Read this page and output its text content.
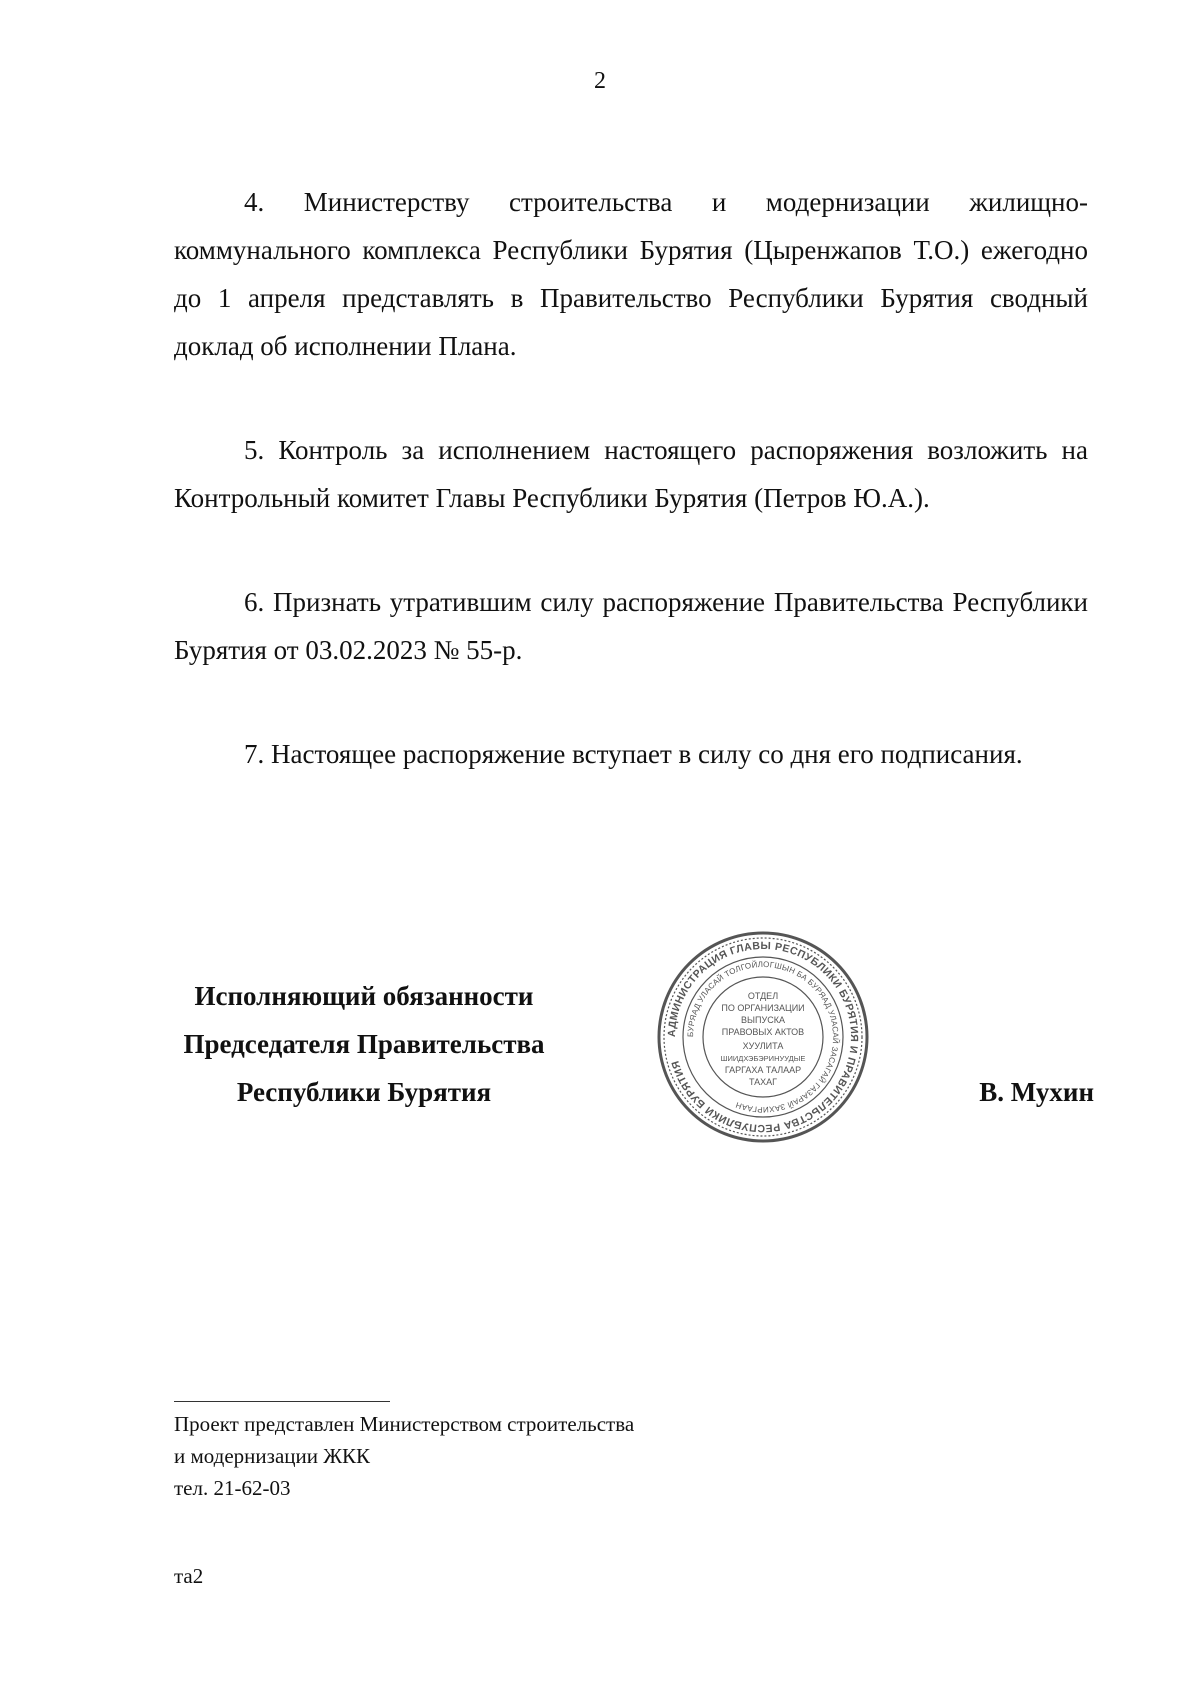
2

4. Министерству строительства и модернизации жилищно-коммунального комплекса Республики Бурятия (Цыренжапов Т.О.) ежегодно до 1 апреля представлять в Правительство Республики Бурятия сводный доклад об исполнении Плана.

5. Контроль за исполнением настоящего распоряжения возложить на Контрольный комитет Главы Республики Бурятия (Петров Ю.А.).

6. Признать утратившим силу распоряжение Правительства Республики Бурятия от 03.02.2023 № 55-р.

7. Настоящее распоряжение вступает в силу со дня его подписания.

Исполняющий обязанности
Председателя Правительства
Республики Бурятия
АДМИНИСТРАЦИЯ ГЛАВЫ РЕСПУБЛИКИ БУРЯТИЯ И ПРАВИТЕЛЬСТВА РЕСПУБЛИКИ БУРЯТИЯ
БУРЯАД УЛАСАЙ ТОЛГОЙЛОГШЫН БА БУРЯАД УЛАСАЙ ЗАСАГАЙ ГАЗАРАЙ ЗАХИРГААН
ОТДЕЛ
ПО ОРГАНИЗАЦИИ
ВЫПУСКА
ПРАВОВЫХ АКТОВ
ХУУЛИТА
ШИИДХЭБЭРИНУУДЫЕ
ГАРГАХА ТАЛААР
ТАХАГ	В. Мухин
Проект представлен Министерством строительства
и модернизации ЖКК
тел. 21-62-03
та2
